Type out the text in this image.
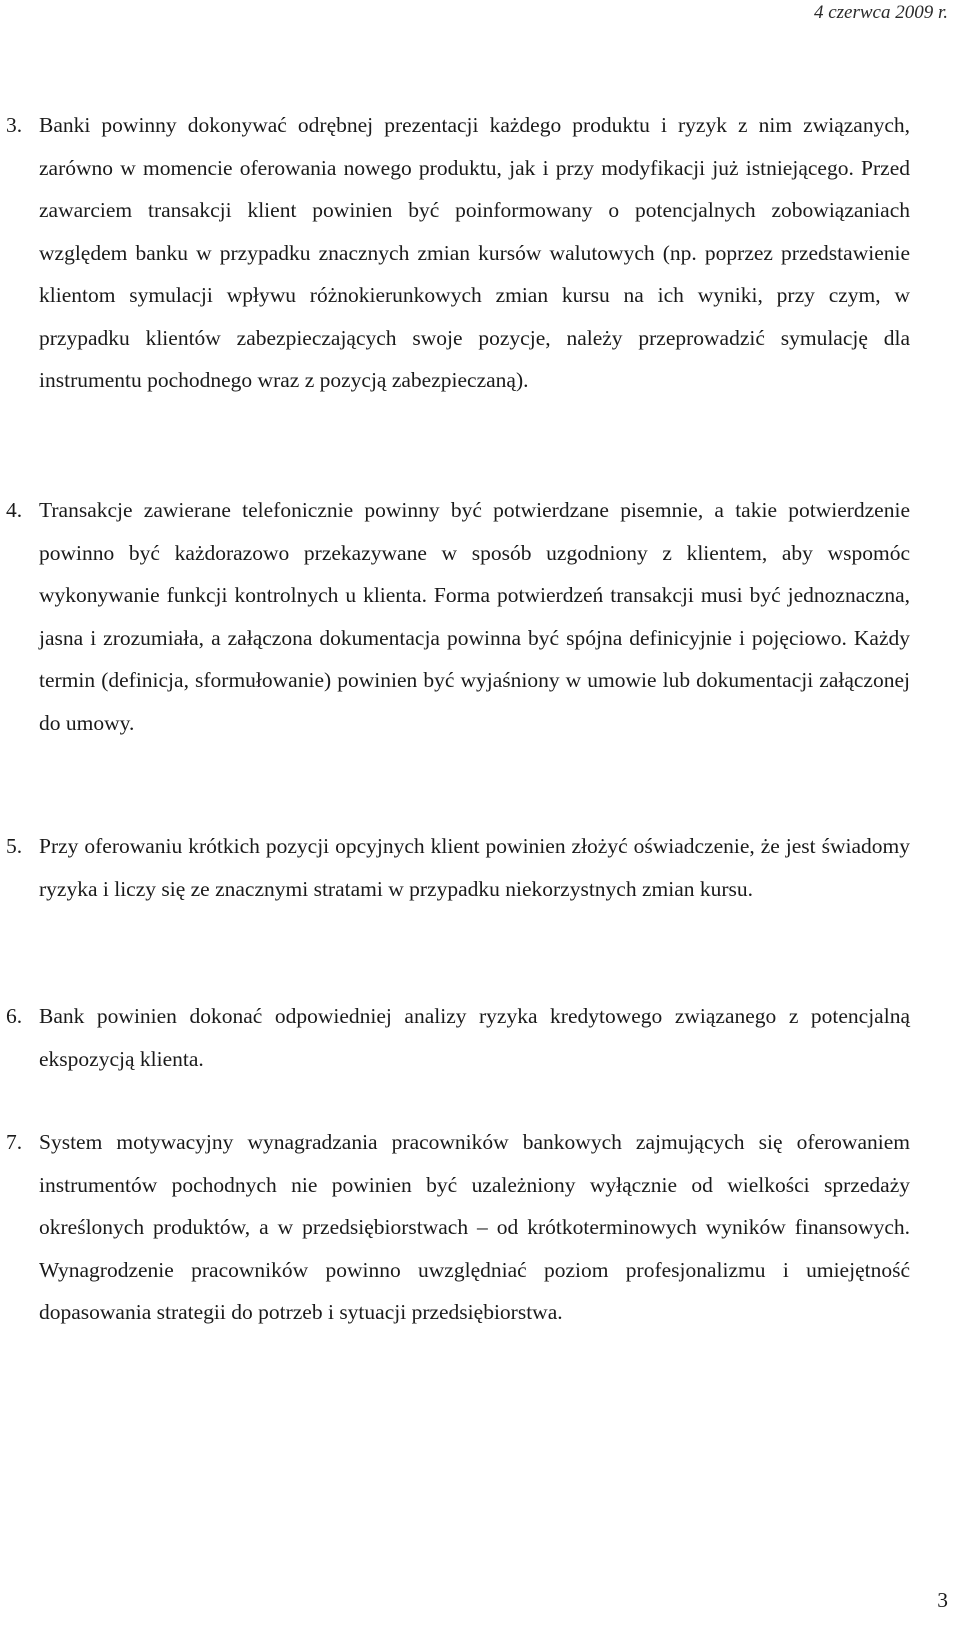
4 czerwca 2009 r.

3. Banki powinny dokonywać odrębnej prezentacji każdego produktu i ryzyk z nim związanych, zarówno w momencie oferowania nowego produktu, jak i przy modyfikacji już istniejącego. Przed zawarciem transakcji klient powinien być poinformowany o potencjalnych zobowiązaniach względem banku w przypadku znacznych zmian kursów walutowych (np. poprzez przedstawienie klientom symulacji wpływu różnokierunkowych zmian kursu na ich wyniki, przy czym, w przypadku klientów zabezpieczających swoje pozycje, należy przeprowadzić symulację dla instrumentu pochodnego wraz z pozycją zabezpieczaną).

4. Transakcje zawierane telefonicznie powinny być potwierdzane pisemnie, a takie potwierdzenie powinno być każdorazowo przekazywane w sposób uzgodniony z klientem, aby wspomóc wykonywanie funkcji kontrolnych u klienta. Forma potwierdzeń transakcji musi być jednoznaczna, jasna i zrozumiała, a załączona dokumentacja powinna być spójna definicyjnie i pojęciowo. Każdy termin (definicja, sformułowanie) powinien być wyjaśniony w umowie lub dokumentacji załączonej do umowy.

5. Przy oferowaniu krótkich pozycji opcyjnych klient powinien złożyć oświadczenie, że jest świadomy ryzyka i liczy się ze znacznymi stratami w przypadku niekorzystnych zmian kursu.

6. Bank powinien dokonać odpowiedniej analizy ryzyka kredytowego związanego z potencjalną ekspozycją klienta.

7. System motywacyjny wynagradzania pracowników bankowych zajmujących się oferowaniem instrumentów pochodnych nie powinien być uzależniony wyłącznie od wielkości sprzedaży określonych produktów, a w przedsiębiorstwach – od krótkoterminowych wyników finansowych. Wynagrodzenie pracowników powinno uwzględniać poziom profesjonalizmu i umiejętność dopasowania strategii do potrzeb i sytuacji przedsiębiorstwa.

3
